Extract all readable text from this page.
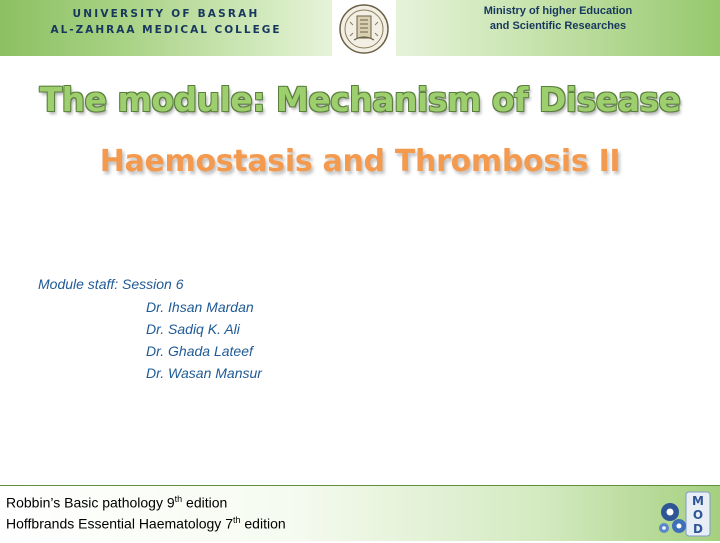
UNIVERSITY OF BASRAH
AL-ZAHRAA MEDICAL COLLEGE
Ministry of higher Education
and Scientific Researches
The module: Mechanism of Disease
Haemostasis and Thrombosis II
Module staff: Session 6
Dr. Ihsan Mardan
Dr. Sadiq K. Ali
Dr. Ghada Lateef
Dr. Wasan Mansur
Robbin’s Basic pathology 9th edition
Hoffbrands Essential Haematology 7th edition
M
O
D
